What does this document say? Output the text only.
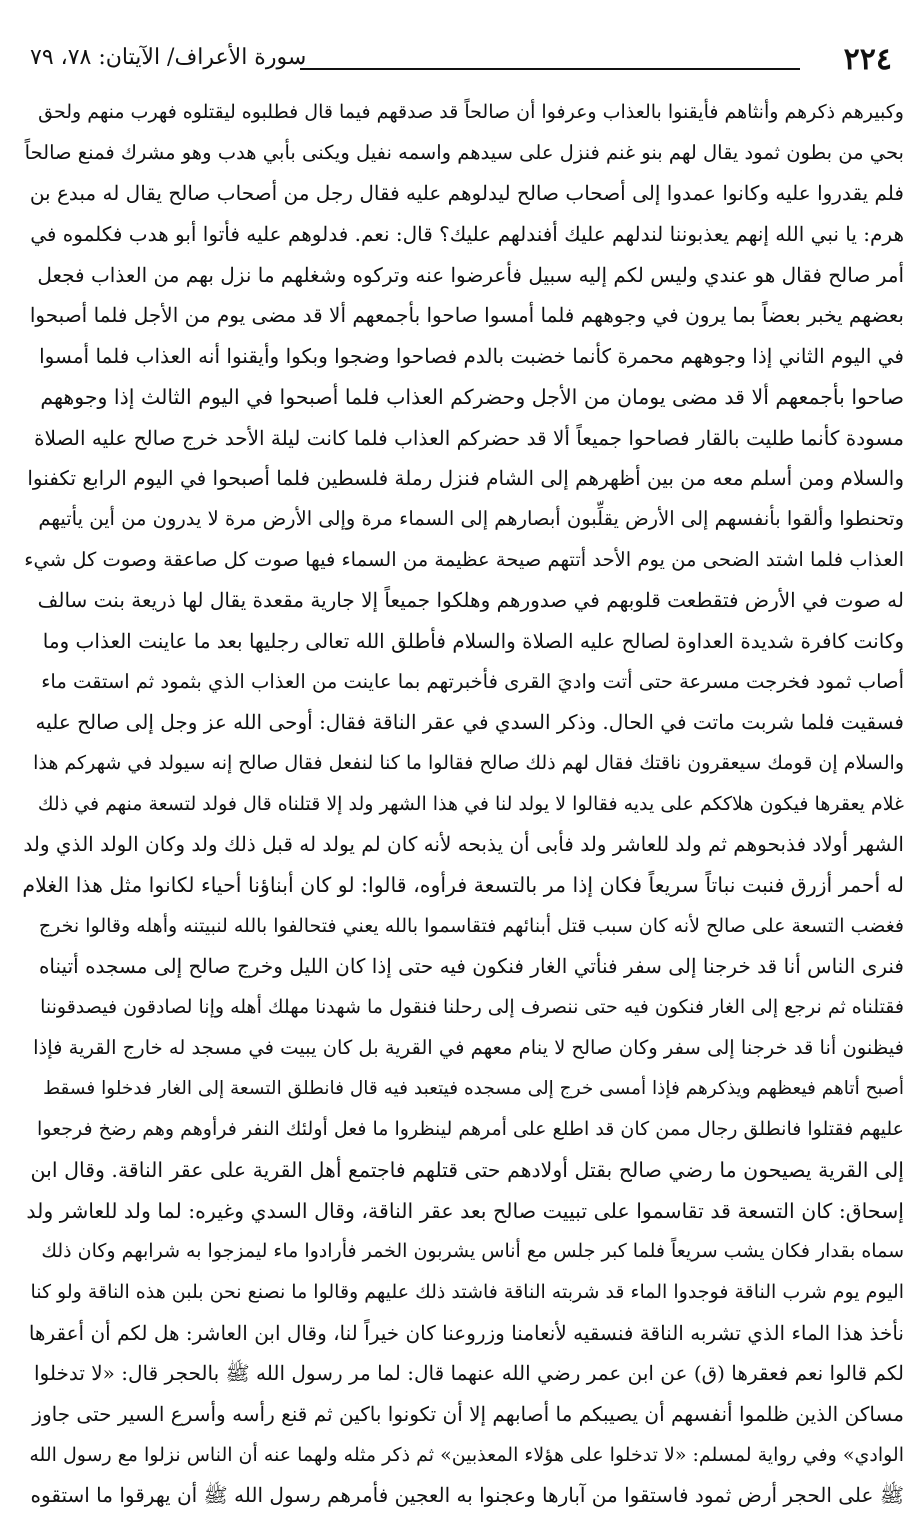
٢٢٤
سورة الأعراف/ الآيتان: ٧٨، ٧٩
وكبيرهم ذكرهم وأنثاهم فأيقنوا بالعذاب وعرفوا أن صالحاً قد صدقهم فيما قال فطلبوه ليقتلوه فهرب منهم ولحق
بحي من بطون ثمود يقال لهم بنو غنم فنزل على سيدهم واسمه نفيل ويكنى بأبي هدب وهو مشرك فمنع صالحاً
فلم يقدروا عليه وكانوا عمدوا إلى أصحاب صالح ليدلوهم عليه فقال رجل من أصحاب صالح يقال له مبدع بن
هرم: يا نبي الله إنهم يعذبوننا لندلهم عليك أفندلهم عليك؟ قال: نعم. فدلوهم عليه فأتوا أبو هدب فكلموه في
أمر صالح فقال هو عندي وليس لكم إليه سبيل فأعرضوا عنه وتركوه وشغلهم ما نزل بهم من العذاب فجعل
بعضهم يخبر بعضاً بما يرون في وجوههم فلما أمسوا صاحوا بأجمعهم ألا قد مضى يوم من الأجل فلما أصبحوا
في اليوم الثاني إذا وجوههم محمرة كأنما خضبت بالدم فصاحوا وضجوا وبكوا وأيقنوا أنه العذاب فلما أمسوا
صاحوا بأجمعهم ألا قد مضى يومان من الأجل وحضركم العذاب فلما أصبحوا في اليوم الثالث إذا وجوههم
مسودة كأنما طليت بالقار فصاحوا جميعاً ألا قد حضركم العذاب فلما كانت ليلة الأحد خرج صالح عليه الصلاة
والسلام ومن أسلم معه من بين أظهرهم إلى الشام فنزل رملة فلسطين فلما أصبحوا في اليوم الرابع تكفنوا
وتحنطوا وألقوا بأنفسهم إلى الأرض يقلِّبون أبصارهم إلى السماء مرة وإلى الأرض مرة لا يدرون من أين يأتيهم
العذاب فلما اشتد الضحى من يوم الأحد أتتهم صيحة عظيمة من السماء فيها صوت كل صاعقة وصوت كل شيء
له صوت في الأرض فتقطعت قلوبهم في صدورهم وهلكوا جميعاً إلا جارية مقعدة يقال لها ذريعة بنت سالف
وكانت كافرة شديدة العداوة لصالح عليه الصلاة والسلام فأطلق الله تعالى رجليها بعد ما عاينت العذاب وما
أصاب ثمود فخرجت مسرعة حتى أتت واديَ القرى فأخبرتهم بما عاينت من العذاب الذي بثمود ثم استقت ماء
فسقيت فلما شربت ماتت في الحال. وذكر السدي في عقر الناقة فقال: أوحى الله عز وجل إلى صالح عليه
والسلام إن قومك سيعقرون ناقتك فقال لهم ذلك صالح فقالوا ما كنا لنفعل فقال صالح إنه سيولد في شهركم هذا
غلام يعقرها فيكون هلاككم على يديه فقالوا لا يولد لنا في هذا الشهر ولد إلا قتلناه قال فولد لتسعة منهم في ذلك
الشهر أولاد فذبحوهم ثم ولد للعاشر ولد فأبى أن يذبحه لأنه كان لم يولد له قبل ذلك ولد وكان الولد الذي ولد
له أحمر أزرق فنبت نباتاً سريعاً فكان إذا مر بالتسعة فرأوه، قالوا: لو كان أبناؤنا أحياء لكانوا مثل هذا الغلام
فغضب التسعة على صالح لأنه كان سبب قتل أبنائهم فتقاسموا بالله يعني فتحالفوا بالله لنبيتنه وأهله وقالوا نخرج
فنرى الناس أنا قد خرجنا إلى سفر فنأتي الغار فنكون فيه حتى إذا كان الليل وخرج صالح إلى مسجده أتيناه
فقتلناه ثم نرجع إلى الغار فنكون فيه حتى ننصرف إلى رحلنا فنقول ما شهدنا مهلك أهله وإنا لصادقون فيصدقوننا
فيظنون أنا قد خرجنا إلى سفر وكان صالح لا ينام معهم في القرية بل كان يبيت في مسجد له خارج القرية فإذا
أصبح أتاهم فيعظهم ويذكرهم فإذا أمسى خرج إلى مسجده فيتعبد فيه قال فانطلق التسعة إلى الغار فدخلوا فسقط
عليهم فقتلوا فانطلق رجال ممن كان قد اطلع على أمرهم لينظروا ما فعل أولئك النفر فرأوهم وهم رضخ فرجعوا
إلى القرية يصيحون ما رضي صالح بقتل أولادهم حتى قتلهم فاجتمع أهل القرية على عقر الناقة. وقال ابن
إسحاق: كان التسعة قد تقاسموا على تبييت صالح بعد عقر الناقة، وقال السدي وغيره: لما ولد للعاشر ولد
سماه بقدار فكان يشب سريعاً فلما كبر جلس مع أناس يشربون الخمر فأرادوا ماء ليمزجوا به شرابهم وكان ذلك
اليوم يوم شرب الناقة فوجدوا الماء قد شربته الناقة فاشتد ذلك عليهم وقالوا ما نصنع نحن بلبن هذه الناقة ولو كنا
نأخذ هذا الماء الذي تشربه الناقة فنسقيه لأنعامنا وزروعنا كان خيراً لنا، وقال ابن العاشر: هل لكم أن أعقرها
لكم قالوا نعم فعقرها (ق) عن ابن عمر رضي الله عنهما قال: لما مر رسول الله ﷺ بالحجر قال: «لا تدخلوا
مساكن الذين ظلموا أنفسهم أن يصيبكم ما أصابهم إلا أن تكونوا باكين ثم قنع رأسه وأسرع السير حتى جاوز
الوادي» وفي رواية لمسلم: «لا تدخلوا على هؤلاء المعذبين» ثم ذكر مثله ولهما عنه أن الناس نزلوا مع رسول الله
ﷺ على الحجر أرض ثمود فاستقوا من آبارها وعجنوا به العجين فأمرهم رسول الله ﷺ أن يهرقوا ما استقوه
